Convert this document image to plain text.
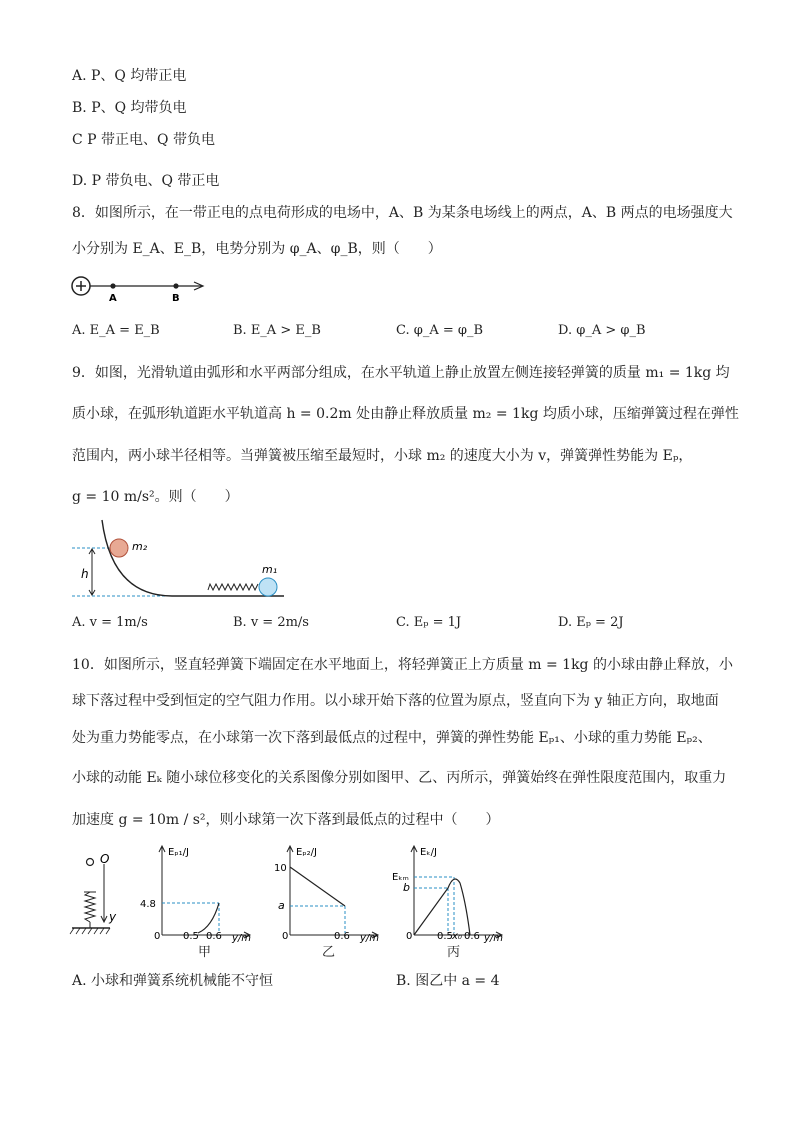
A. P、Q 均带正电
B. P、Q 均带负电
C P 带正电、Q 带负电
D. P 带负电、Q 带正电
8．如图所示，在一带正电的点电荷形成的电场中，A、B 为某条电场线上的两点，A、B 两点的电场强度大
小分别为 E_A、E_B，电势分别为 φ_A、φ_B，则（　　）
A	B
A. E_A = E_B	B. E_A > E_B	C. φ_A = φ_B	D. φ_A > φ_B
9．如图，光滑轨道由弧形和水平两部分组成，在水平轨道上静止放置左侧连接轻弹簧的质量 m₁ = 1kg 均
质小球，在弧形轨道距水平轨道高 h = 0.2m 处由静止释放质量 m₂ = 1kg 均质小球，压缩弹簧过程在弹性
范围内，两小球半径相等。当弹簧被压缩至最短时，小球 m₂ 的速度大小为 v，弹簧弹性势能为 Eₚ，
g = 10 m/s²。则（　　）
h
m₂
m₁
A. v = 1m/s	B. v = 2m/s	C. Eₚ = 1J	D. Eₚ = 2J
10．如图所示，竖直轻弹簧下端固定在水平地面上，将轻弹簧正上方质量 m = 1kg 的小球由静止释放，小
球下落过程中受到恒定的空气阻力作用。以小球开始下落的位置为原点，竖直向下为 y 轴正方向，取地面
处为重力势能零点，在小球第一次下落到最低点的过程中，弹簧的弹性势能 Eₚ₁、小球的重力势能 Eₚ₂、
小球的动能 Eₖ 随小球位移变化的关系图像分别如图甲、乙、丙所示，弹簧始终在弹性限度范围内，取重力
加速度 g = 10m / s²，则小球第一次下落到最低点的过程中（　　）
O
y
Eₚ₁/J
4.8
0 0.5 0.6 y/m
Eₚ₂/J
10
a
0	0.6 y/m
Eₖ/J
Eₖₘ
b
0 0.5 x₀ 0.6 y/m
甲	乙	丙
A. 小球和弹簧系统机械能不守恒	B. 图乙中 a = 4
